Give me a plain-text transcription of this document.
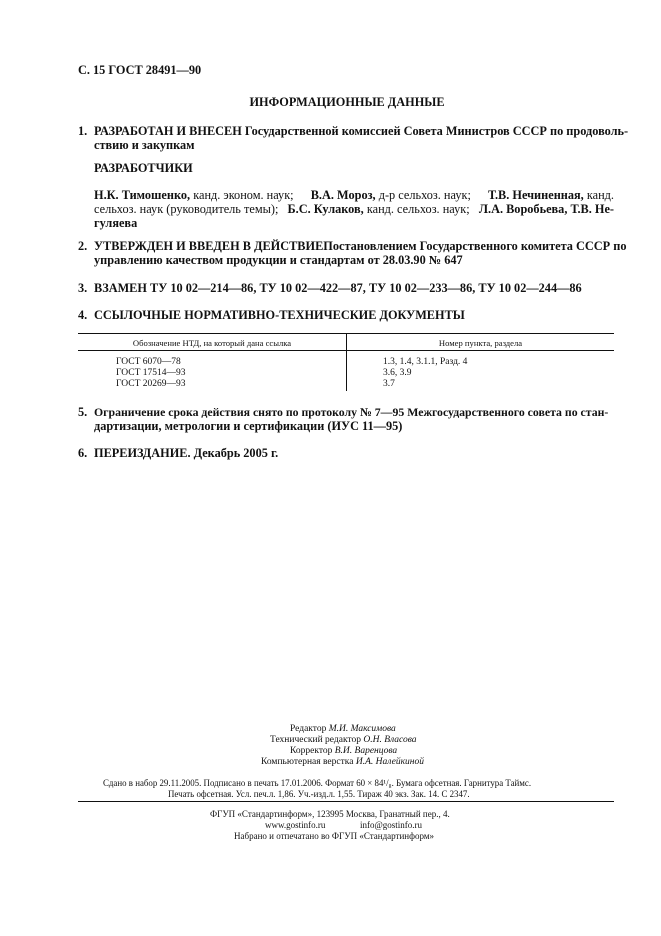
С. 15 ГОСТ 28491—90
ИНФОРМАЦИОННЫЕ ДАННЫЕ
1. РАЗРАБОТАН И ВНЕСЕН Государственной комиссией Совета Министров СССР по продоволь-
ствию и закупкам
РАЗРАБОТЧИКИ
Н.К. Тимошенко, канд. эконом. наук; В.А. Мороз, д-р сельхоз. наук; Т.В. Нечиненная, канд.
сельхоз. наук (руководитель темы); Б.С. Кулаков, канд. сельхоз. наук; Л.А. Воробьева, Т.В. Не-
гуляева
2. УТВЕРЖДЕН И ВВЕДЕН В ДЕЙСТВИЕ Постановлением Государственного комитета СССР по
управлению качеством продукции и стандартам от 28.03.90 № 647
3. ВЗАМЕН ТУ 10 02—214—86, ТУ 10 02—422—87, ТУ 10 02—233—86, ТУ 10 02—244—86
4. ССЫЛОЧНЫЕ НОРМАТИВНО-ТЕХНИЧЕСКИЕ ДОКУМЕНТЫ
Обозначение НТД, на который дана ссылка	Номер пункта, раздела
ГОСТ 6070—78	1.3, 1.4, 3.1.1, Разд. 4
ГОСТ 17514—93	3.6, 3.9
ГОСТ 20269—93	3.7
5. Ограничение срока действия снято по протоколу № 7—95 Межгосударственного совета по стан-
дартизации, метрологии и сертификации (ИУС 11—95)
6. ПЕРЕИЗДАНИЕ. Декабрь 2005 г.
Редактор М.И. Максимова
Технический редактор О.Н. Власова
Корректор В.И. Варенцова
Компьютерная верстка И.А. Налейкиной
Сдано в набор 29.11.2005. Подписано в печать 17.01.2006. Формат 60 × 84¹/₈. Бумага офсетная. Гарнитура Таймс.
Печать офсетная. Усл. печ.л. 1,86. Уч.-изд.л. 1,55. Тираж 40 экз. Зак. 14. С 2347.
ФГУП «Стандартинформ», 123995 Москва, Гранатный пер., 4.
www.gostinfo.ru	info@gostinfo.ru
Набрано и отпечатано во ФГУП «Стандартинформ»
